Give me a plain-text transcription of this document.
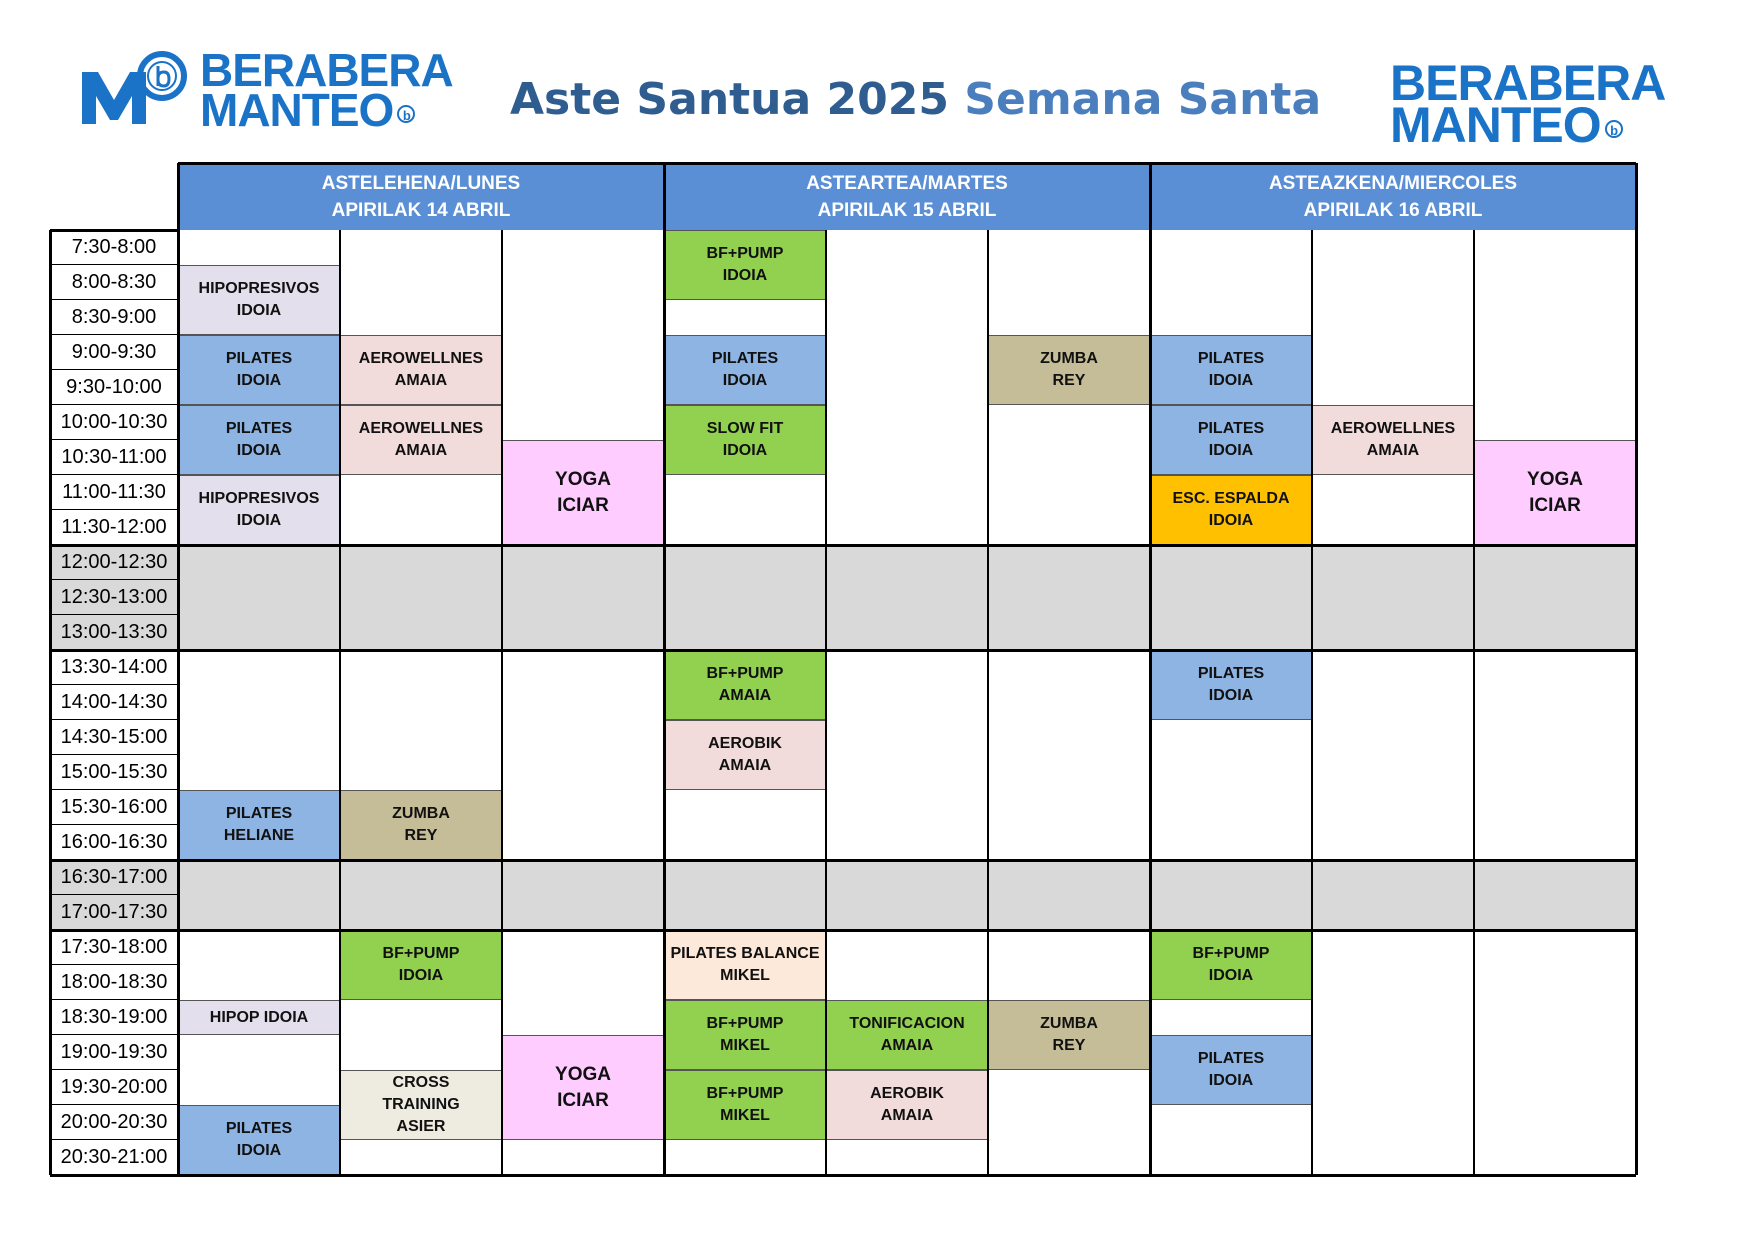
BERABERA
MANTEO b	Aste Santua 2025 Semana Santa BERABERA
MANTEO b
ASTELEHENA/LUNES
APIRILAK 14 ABRIL
ASTEARTEA/MARTES
APIRILAK 15 ABRIL
ASTEAZKENA/MIERCOLES
APIRILAK 16 ABRIL
7:30-8:00
8:00-8:30
8:30-9:00
9:00-9:30
9:30-10:00
10:00-10:30
10:30-11:00
11:00-11:30
11:30-12:00
12:00-12:30
12:30-13:00
13:00-13:30
13:30-14:00
14:00-14:30
14:30-15:00
15:00-15:30
15:30-16:00
16:00-16:30
16:30-17:00
17:00-17:30
17:30-18:00
18:00-18:30
18:30-19:00
19:00-19:30
19:30-20:00
20:00-20:30
20:30-21:00
HIPOPRESIVOS
IDOIA
PILATES
IDOIA
PILATES
IDOIA
HIPOPRESIVOS
IDOIA
AEROWELLNES
AMAIA
AEROWELLNES
AMAIA
YOGA
ICIAR
BF+PUMP
IDOIA
PILATES
IDOIA
SLOW FIT
IDOIA
ZUMBA
REY
PILATES
IDOIA
PILATES
IDOIA
ESC. ESPALDA
IDOIA
AEROWELLNES
AMAIA
YOGA
ICIAR
PILATES
HELIANE
ZUMBA
REY
BF+PUMP
AMAIA
AEROBIK
AMAIA
PILATES
IDOIA
BF+PUMP
IDOIA
HIPOP IDOIA
CROSS
TRAINING
ASIER
PILATES
IDOIA
YOGA
ICIAR
PILATES BALANCE
MIKEL
BF+PUMP
MIKEL
BF+PUMP
MIKEL
TONIFICACION
AMAIA
AEROBIK
AMAIA
ZUMBA
REY
BF+PUMP
IDOIA
PILATES
IDOIA
